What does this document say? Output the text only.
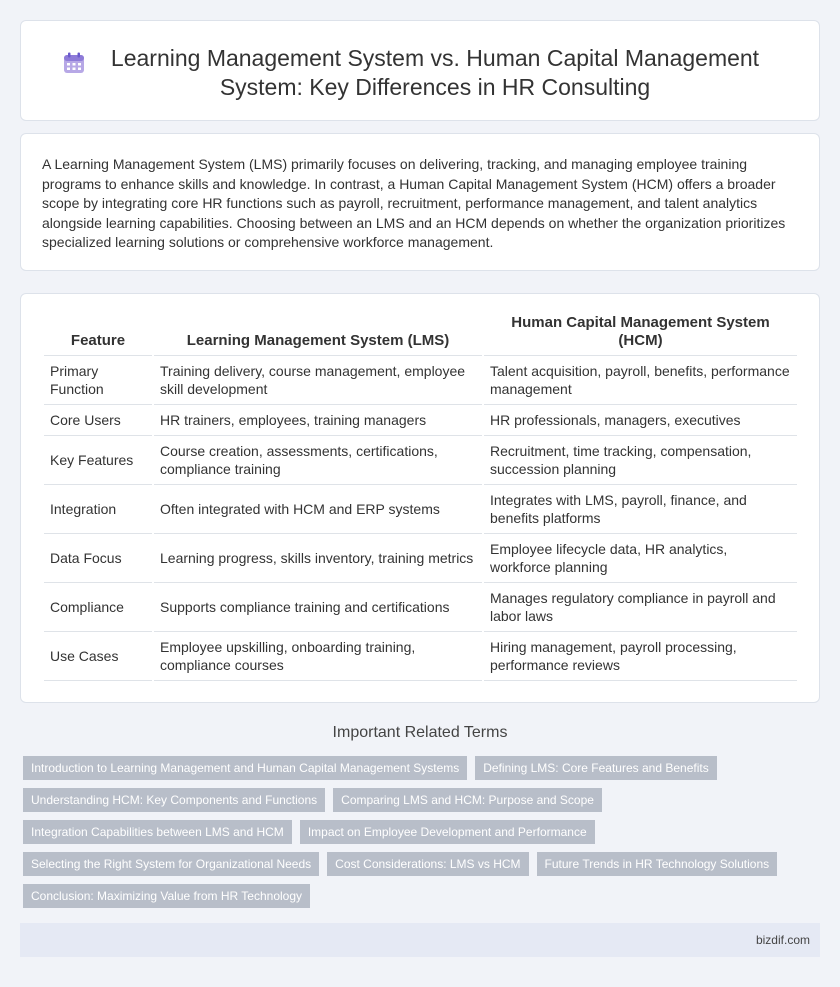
Learning Management System vs. Human Capital Management System: Key Differences in HR Consulting

A Learning Management System (LMS) primarily focuses on delivering, tracking, and managing employee training programs to enhance skills and knowledge. In contrast, a Human Capital Management System (HCM) offers a broader scope by integrating core HR functions such as payroll, recruitment, performance management, and talent analytics alongside learning capabilities. Choosing between an LMS and an HCM depends on whether the organization prioritizes specialized learning solutions or comprehensive workforce management.

Feature	Learning Management System (LMS)	Human Capital Management System (HCM)
Primary Function	Training delivery, course management, employee skill development	Talent acquisition, payroll, benefits, performance management
Core Users	HR trainers, employees, training managers	HR professionals, managers, executives
Key Features	Course creation, assessments, certifications, compliance training	Recruitment, time tracking, compensation, succession planning
Integration	Often integrated with HCM and ERP systems	Integrates with LMS, payroll, finance, and benefits platforms
Data Focus	Learning progress, skills inventory, training metrics	Employee lifecycle data, HR analytics, workforce planning
Compliance	Supports compliance training and certifications	Manages regulatory compliance in payroll and labor laws
Use Cases	Employee upskilling, onboarding training, compliance courses	Hiring management, payroll processing, performance reviews
Important Related Terms
Introduction to Learning Management and Human Capital Management Systems	Defining LMS: Core Features and Benefits
Understanding HCM: Key Components and Functions	Comparing LMS and HCM: Purpose and Scope
Integration Capabilities between LMS and HCM	Impact on Employee Development and Performance
Selecting the Right System for Organizational Needs	Cost Considerations: LMS vs HCM	Future Trends in HR Technology Solutions
Conclusion: Maximizing Value from HR Technology
bizdif.com
